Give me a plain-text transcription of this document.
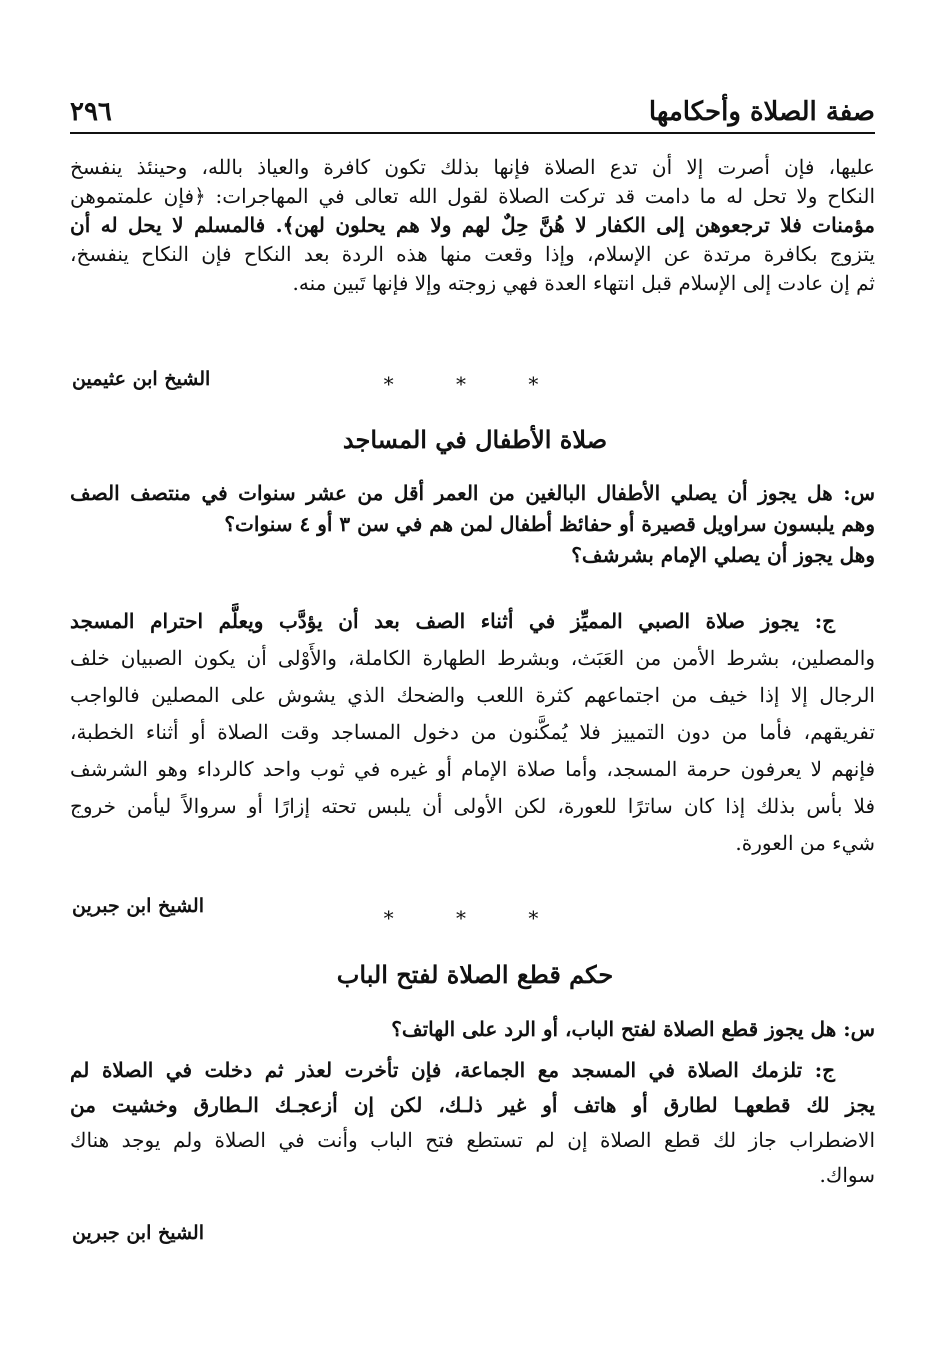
صفة الصلاة وأحكامها
٢٩٦
عليها، فإن أصرت إلا أن تدع الصلاة فإنها بذلك تكون كافرة والعياذ بالله، وحينئذ ينفسخ
النكاح ولا تحل له ما دامت قد تركت الصلاة لقول الله تعالى في المهاجرات: ﴿فإن علمتموهن
مؤمنات فلا ترجعوهن إلى الكفار لا هُنَّ حِلٌ لهم ولا هم يحلون لهن﴾. فالمسلم لا يحل له أن
يتزوج بكافرة مرتدة عن الإسلام، وإذا وقعت منها هذه الردة بعد النكاح فإن النكاح ينفسخ،
ثم إن عادت إلى الإسلام قبل انتهاء العدة فهي زوجته وإلا فإنها تَبين منه.
الشيخ ابن عثيمين	* * *
صلاة الأطفال في المساجد
س: هل يجوز أن يصلي الأطفال البالغين من العمر أقل من عشر سنوات في منتصف الصف
وهم يلبسون سراويل قصيرة أو حفائظ أطفال لمن هم في سن ٣ أو ٤ سنوات؟
وهل يجوز أن يصلي الإمام بشرشف؟
ج: يجوز صلاة الصبي المميِّز في أثناء الصف بعد أن يؤدَّب ويعلَّم احترام المسجد
والمصلين، بشرط الأمن من العَبَث، وبشرط الطهارة الكاملة، والأَوْلى أن يكون الصبيان خلف
الرجال إلا إذا خيف من اجتماعهم كثرة اللعب والضحك الذي يشوش على المصلين فالواجب
تفريقهم، فأما من دون التمييز فلا يُمكَّنون من دخول المساجد وقت الصلاة أو أثناء الخطبة،
فإنهم لا يعرفون حرمة المسجد، وأما صلاة الإمام أو غيره في ثوب واحد كالرداء وهو الشرشف
فلا بأس بذلك إذا كان ساترًا للعورة، لكن الأولى أن يلبس تحته إزارًا أو سروالاً ليأمن خروج
شيء من العورة.
الشيخ ابن جبرين	* * *
حكم قطع الصلاة لفتح الباب
س: هل يجوز قطع الصلاة لفتح الباب، أو الرد على الهاتف؟
ج: تلزمك الصلاة في المسجد مع الجماعة، فإن تأخرت لعذر ثم دخلت في الصلاة لم
يجز لك قطعهـا لطارق أو هاتف أو غير ذلـك، لكن إن أزعجـك الـطارق وخشيت من
الاضطراب جاز لك قطع الصلاة إن لم تستطع فتح الباب وأنت في الصلاة ولم يوجد هناك
سواك.
الشيخ ابن جبرين
